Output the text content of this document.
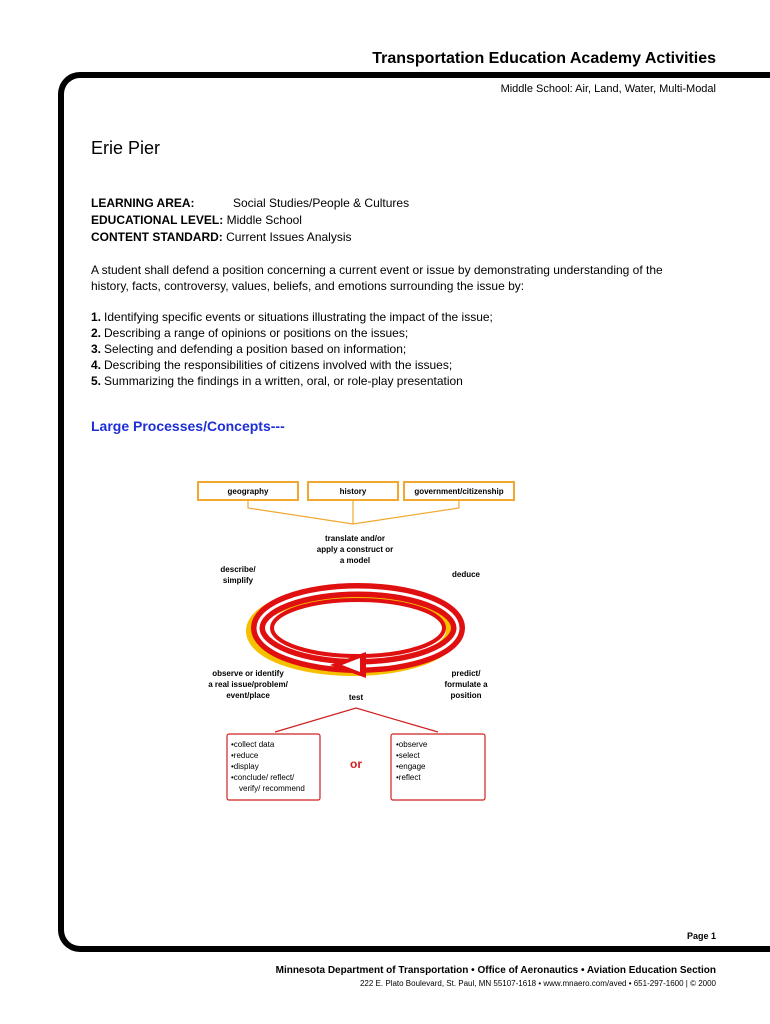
Transportation Education Academy Activities
Middle School: Air, Land, Water, Multi-Modal
Erie Pier
LEARNING AREA:	Social Studies/People & Cultures
EDUCATIONAL LEVEL: Middle School
CONTENT STANDARD: Current Issues Analysis
A student shall defend a position concerning a current event or issue by demonstrating understanding of the history, facts, controversy, values, beliefs, and emotions surrounding the issue by:
1. Identifying specific events or situations illustrating the impact of the issue;
2. Describing a range of opinions or positions on the issues;
3. Selecting and defending a position based on information;
4. Describing the responsibilities of citizens involved with the issues;
5. Summarizing the findings in a written, oral, or role-play presentation
Large Processes/Concepts---
geography	history	government/citizenship
translate and/or
apply a construct or
a model
describe/
simplify
deduce
observe or identify
a real issue/problem/
event/place
predict/
formulate a
position
test
•collect data
•reduce
•display
•conclude/ reflect/
verify/ recommend
or
•observe
•select
•engage
•reflect
Page 1
Minnesota Department of Transportation • Office of Aeronautics • Aviation Education Section
222 E. Plato Boulevard, St. Paul, MN 55107-1618 • www.mnaero.com/aved • 651-297-1600 | © 2000
